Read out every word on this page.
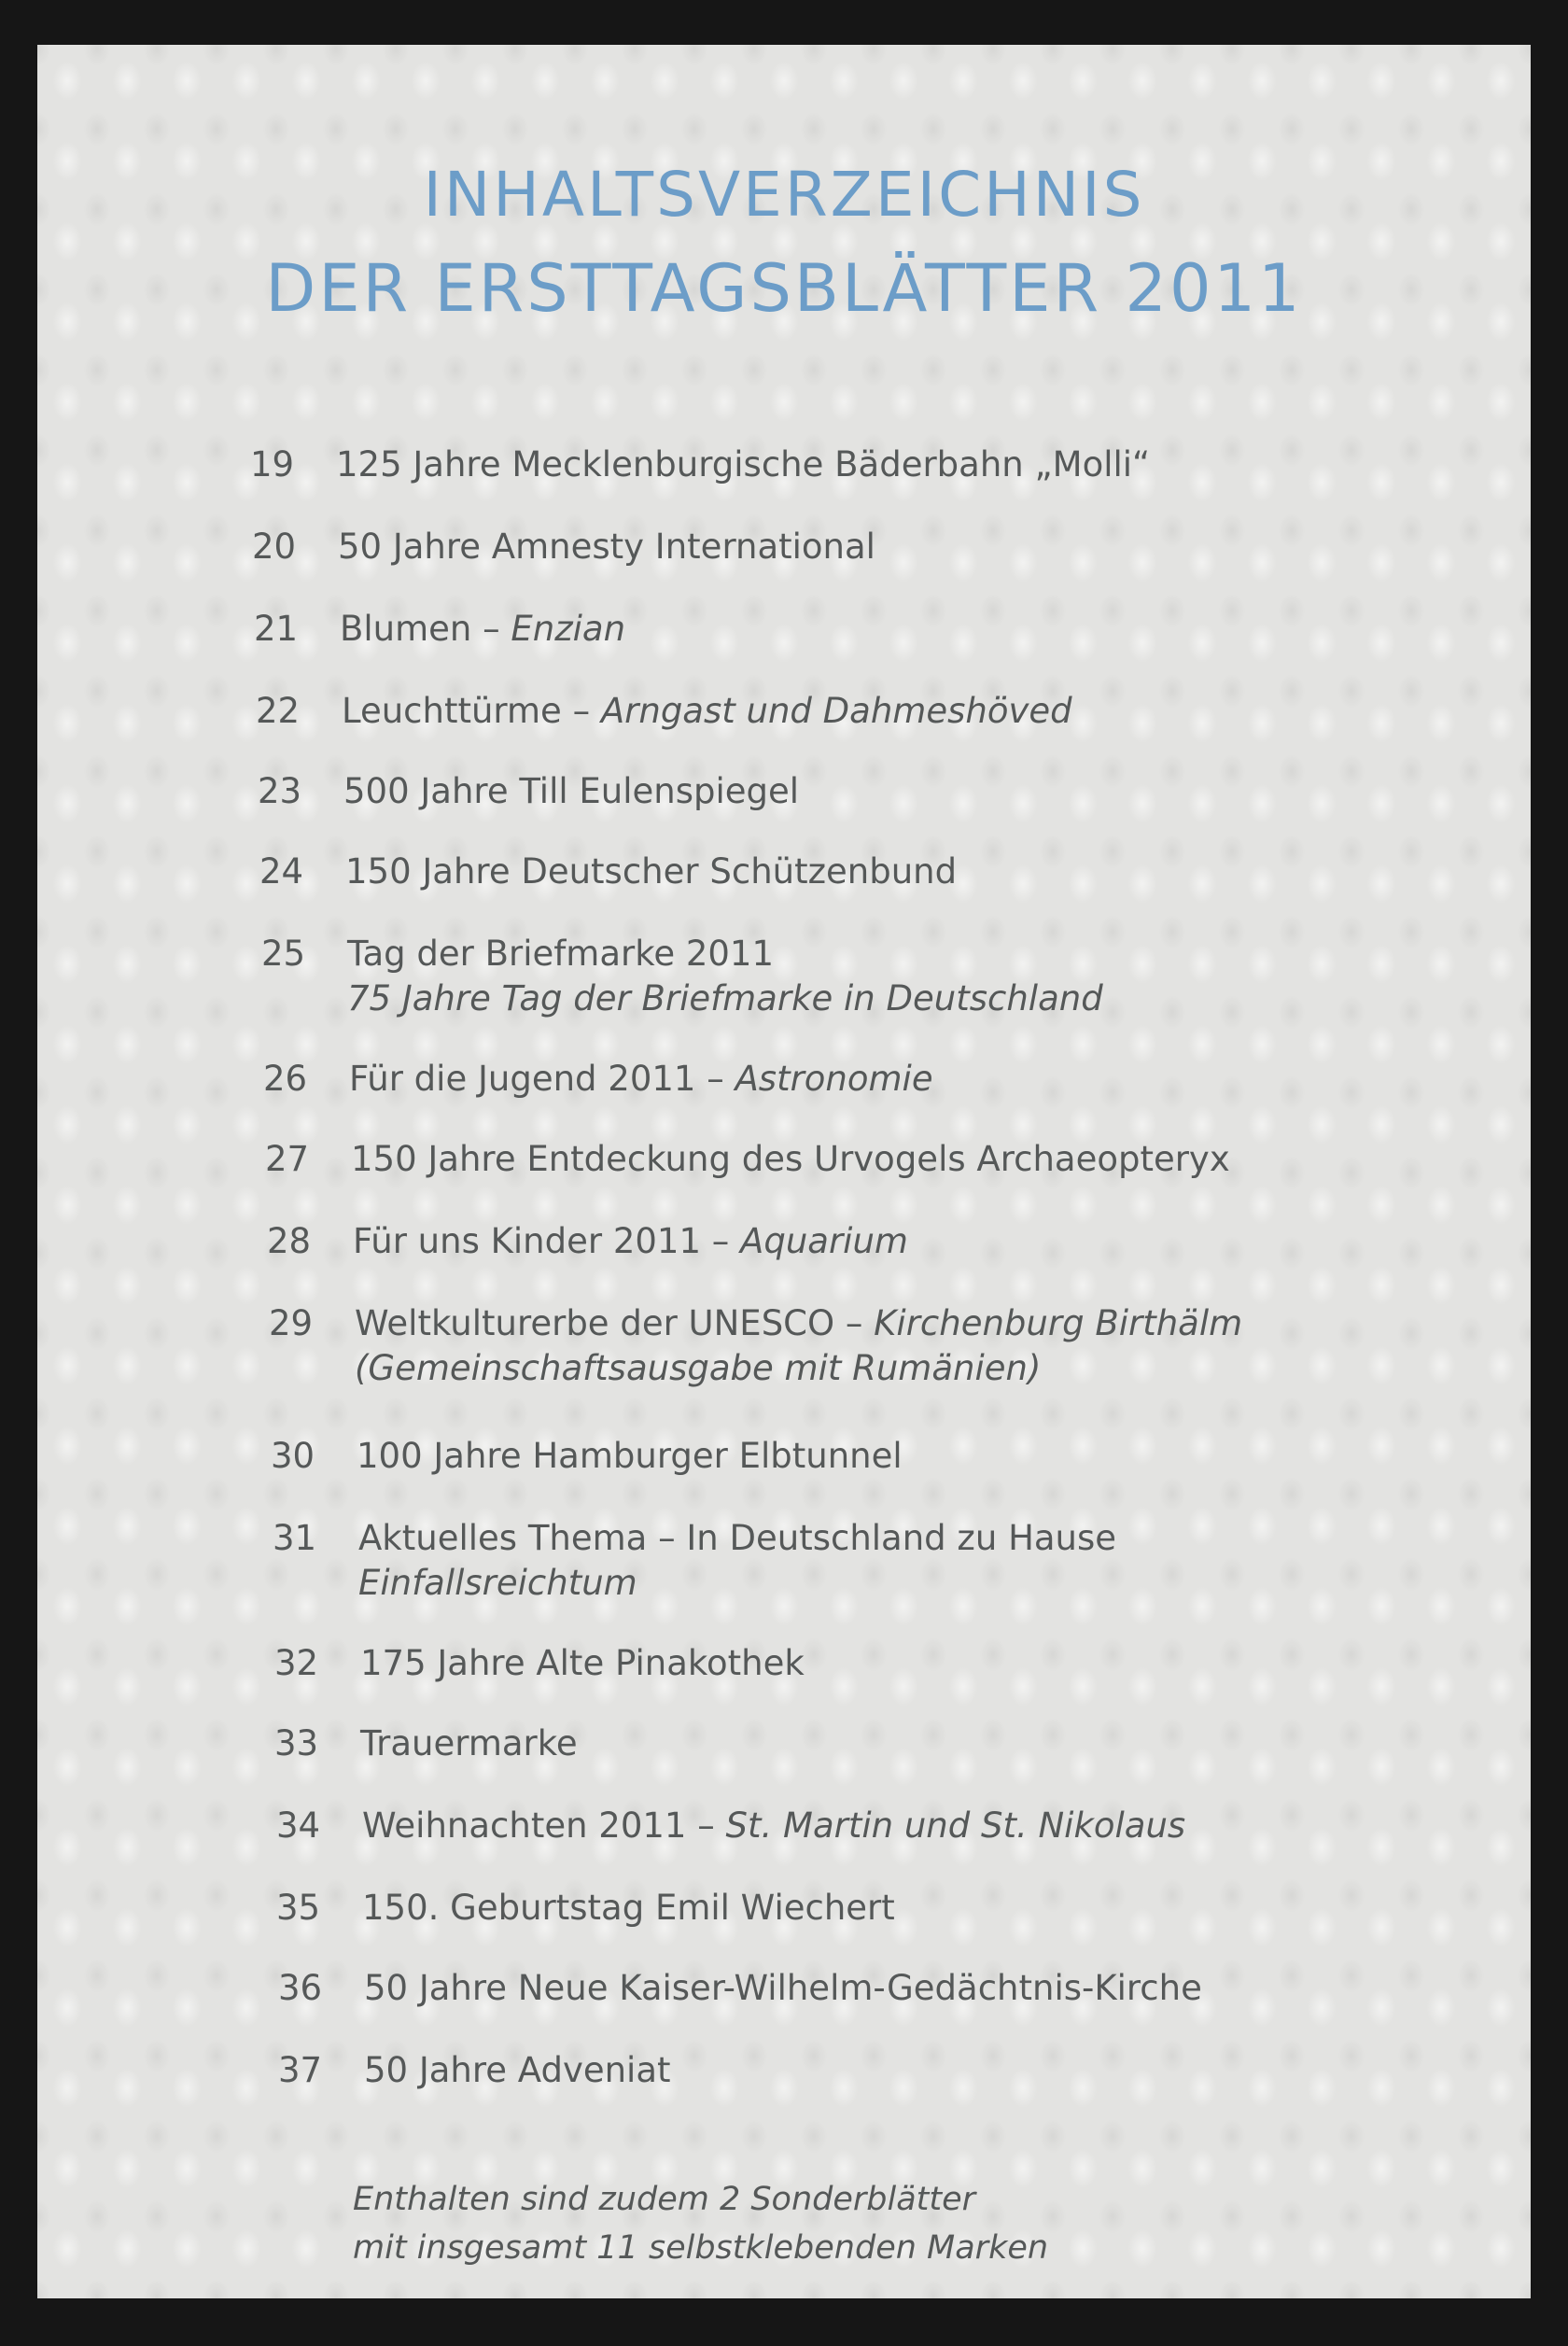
INHALTSVERZEICHNIS
DER ERSTTAGSBLÄTTER 2011
19	125 Jahre Mecklenburgische Bäderbahn „Molli“
20	50 Jahre Amnesty International
21	Blumen – Enzian
22	Leuchttürme – Arngast und Dahmeshöved
23	500 Jahre Till Eulenspiegel
24	150 Jahre Deutscher Schützenbund
25	Tag der Briefmarke 2011
75 Jahre Tag der Briefmarke in Deutschland
26	Für die Jugend 2011 – Astronomie
27	150 Jahre Entdeckung des Urvogels Archaeopteryx
28	Für uns Kinder 2011 – Aquarium
29	Weltkulturerbe der UNESCO – Kirchenburg Birthälm
(Gemeinschaftsausgabe mit Rumänien)
30	100 Jahre Hamburger Elbtunnel
31	Aktuelles Thema – In Deutschland zu Hause
Einfallsreichtum
32	175 Jahre Alte Pinakothek
33	Trauermarke
34	Weihnachten 2011 – St. Martin und St. Nikolaus
35	150. Geburtstag Emil Wiechert
36	50 Jahre Neue Kaiser-Wilhelm-Gedächtnis-Kirche
37	50 Jahre Adveniat
Enthalten sind zudem 2 Sonderblätter
mit insgesamt 11 selbstklebenden Marken
